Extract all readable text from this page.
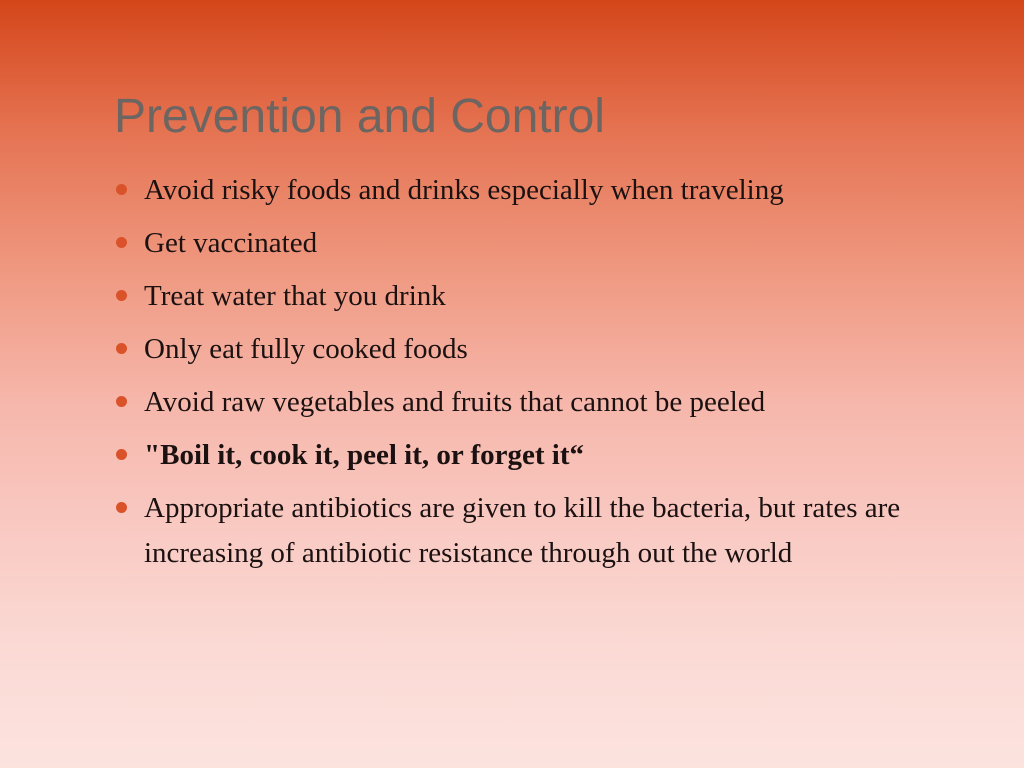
Prevention and Control
Avoid risky foods and drinks especially when traveling
Get vaccinated
Treat water that you drink
Only eat fully cooked foods
Avoid raw vegetables and fruits that cannot be peeled
"Boil it, cook it, peel it, or forget it“
Appropriate antibiotics are given to kill the bacteria, but rates are increasing of antibiotic resistance through out the world
